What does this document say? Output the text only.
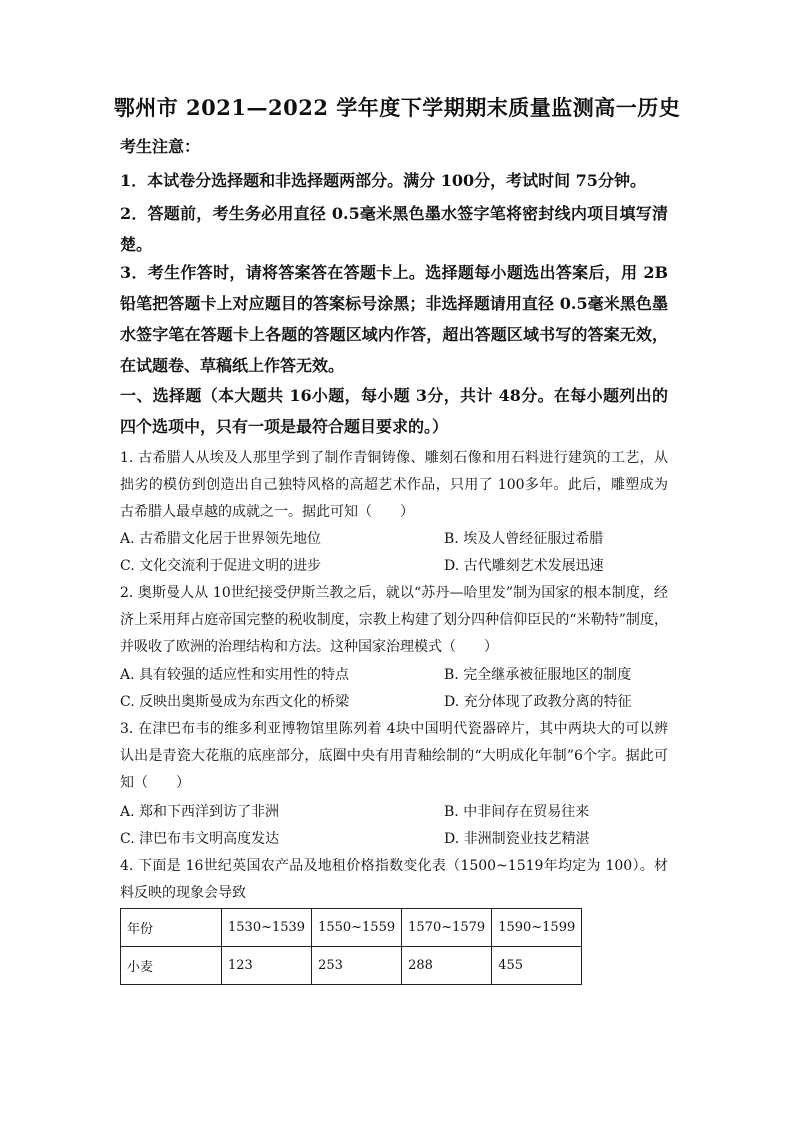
鄂州市 2021—2022 学年度下学期期末质量监测高一历史
考生注意：
1．本试卷分选择题和非选择题两部分。满分 100分，考试时间 75分钟。
2．答题前，考生务必用直径 0.5毫米黑色墨水签字笔将密封线内项目填写清楚。
3．考生作答时，请将答案答在答题卡上。选择题每小题选出答案后，用 2B铅笔把答题卡上对应题目的答案标号涂黑；非选择题请用直径 0.5毫米黑色墨水签字笔在答题卡上各题的答题区域内作答，超出答题区域书写的答案无效，在试题卷、草稿纸上作答无效。
一、选择题（本大题共 16小题，每小题 3分，共计 48分。在每小题列出的四个选项中，只有一项是最符合题目要求的。）
1. 古希腊人从埃及人那里学到了制作青铜铸像、雕刻石像和用石料进行建筑的工艺，从拙劣的模仿到创造出自己独特风格的高超艺术作品，只用了 100多年。此后，雕塑成为古希腊人最卓越的成就之一。据此可知（　　）
A. 古希腊文化居于世界领先地位	B. 埃及人曾经征服过希腊
C. 文化交流利于促进文明的进步	D. 古代雕刻艺术发展迅速
2. 奥斯曼人从 10世纪接受伊斯兰教之后，就以“苏丹—哈里发”制为国家的根本制度，经济上采用拜占庭帝国完整的税收制度，宗教上构建了划分四种信仰臣民的“米勒特”制度，并吸收了欧洲的治理结构和方法。这种国家治理模式（　　）
A. 具有较强的适应性和实用性的特点	B. 完全继承被征服地区的制度
C. 反映出奥斯曼成为东西文化的桥梁	D. 充分体现了政教分离的特征
3. 在津巴布韦的维多利亚博物馆里陈列着 4块中国明代瓷器碎片，其中两块大的可以辨认出是青瓷大花瓶的底座部分，底圈中央有用青釉绘制的“大明成化年制”6个字。据此可知（　　）
A. 郑和下西洋到访了非洲	B. 中非间存在贸易往来
C. 津巴布韦文明高度发达	D. 非洲制瓷业技艺精湛
4. 下面是 16世纪英国农产品及地租价格指数变化表（1500~1519年均定为 100）。材料反映的现象会导致
年份	1530~1539	1550~1559	1570~1579	1590~1599
小麦	123	253	288	455
